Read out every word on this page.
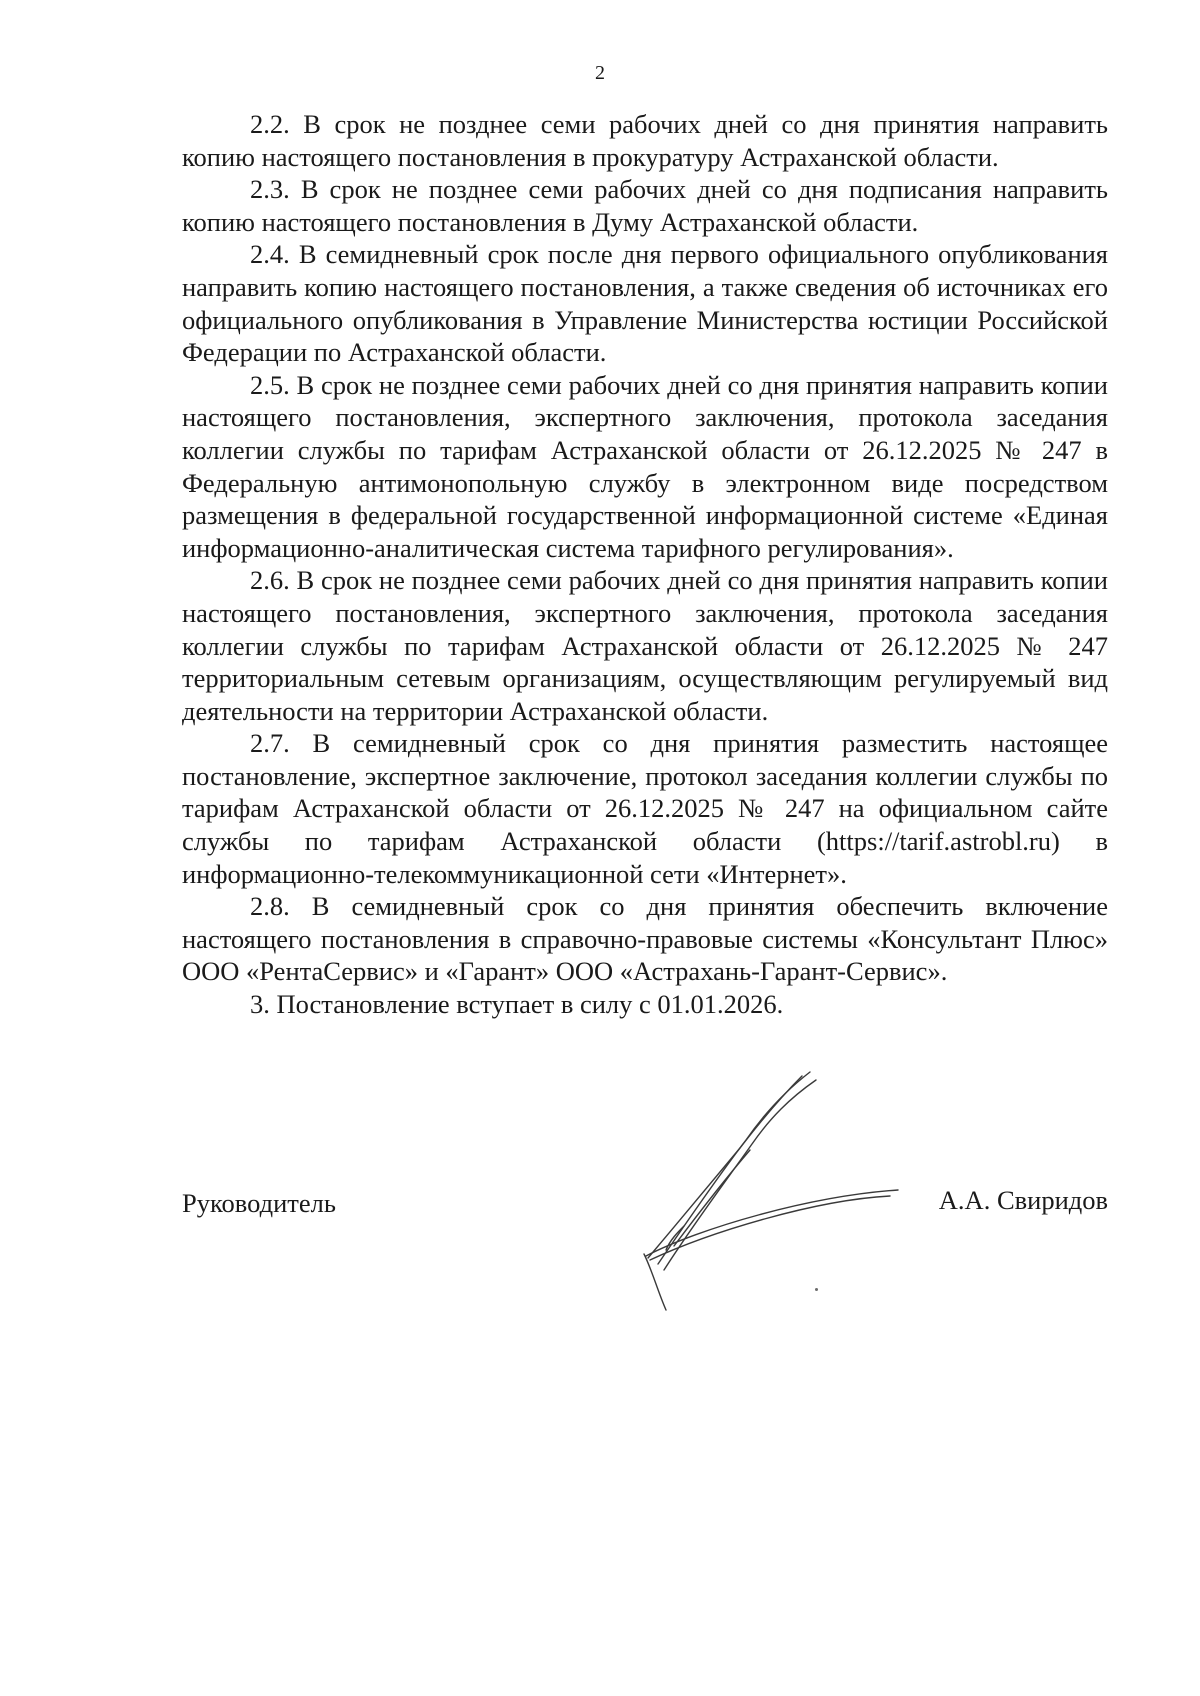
2

2.2. В срок не позднее семи рабочих дней со дня принятия направить копию настоящего постановления в прокуратуру Астраханской области.

2.3. В срок не позднее семи рабочих дней со дня подписания направить копию настоящего постановления в Думу Астраханской области.

2.4. В семидневный срок после дня первого официального опубликования направить копию настоящего постановления, а также сведения об источниках его официального опубликования в Управление Министерства юстиции Российской Федерации по Астраханской области.

2.5. В срок не позднее семи рабочих дней со дня принятия направить копии настоящего постановления, экспертного заключения, протокола заседания коллегии службы по тарифам Астраханской области от 26.12.2025 № 247 в Федеральную антимонопольную службу в электронном виде посредством размещения в федеральной государственной информационной системе «Единая информационно-аналитическая система тарифного регулирования».

2.6. В срок не позднее семи рабочих дней со дня принятия направить копии настоящего постановления, экспертного заключения, протокола заседания коллегии службы по тарифам Астраханской области от 26.12.2025 № 247 территориальным сетевым организациям, осуществляющим регулируемый вид деятельности на территории Астраханской области.

2.7. В семидневный срок со дня принятия разместить настоящее постановление, экспертное заключение, протокол заседания коллегии службы по тарифам Астраханской области от 26.12.2025 № 247 на официальном сайте службы по тарифам Астраханской области (https://tarif.astrobl.ru) в информационно-телекоммуникационной сети «Интернет».

2.8. В семидневный срок со дня принятия обеспечить включение настоящего постановления в справочно-правовые системы «Консультант Плюс» ООО «РентаСервис» и «Гарант» ООО «Астрахань-Гарант-Сервис».

3. Постановление вступает в силу с 01.01.2026.

Руководитель	А.А. Свиридов
